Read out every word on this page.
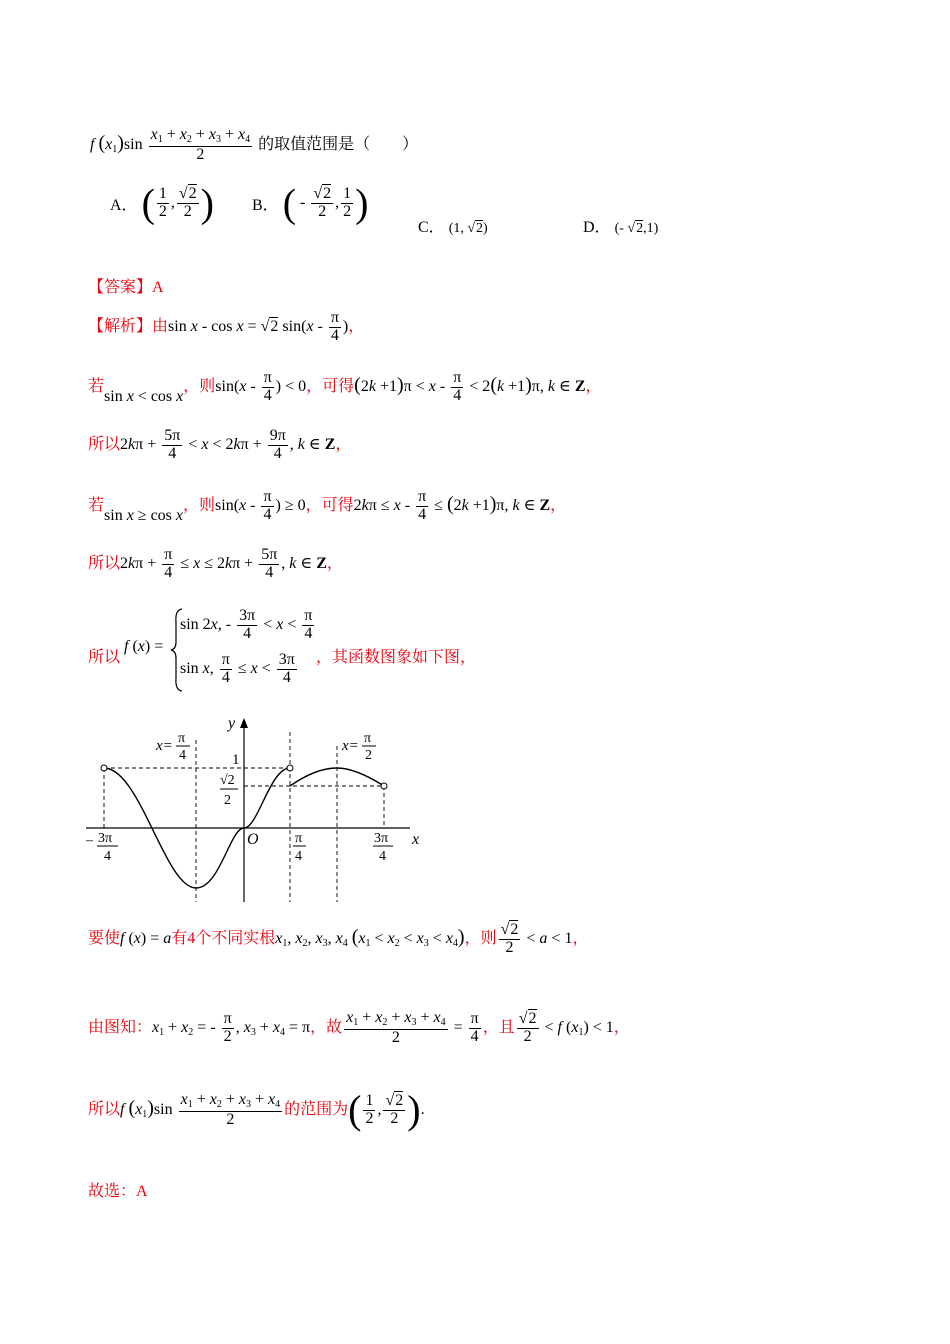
f $(x1)\sin \frac{x1 + x2 + x3 + x4}{2}$ 的取值范围是（　　）
A． ( $\frac{1}{2}$ , $\frac{√2}{2}$ ) B． ( - $\frac{√2}{2}$ , $\frac{1}{2}$ )
C． (1, √2)	D． (- √2,1)
【答案】A
【解析】由sin x - cos x = √2 $\sin(x - \frac{\pi}{4}$ )，
若sin x < cos x，则$\sin(x - \frac{\pi}{4}$ ) < 0，可得$(2k +1)\pi < x - \frac{\pi}{4} < 2(k +1)\pi$, k ∈ Z，
所以$2k\pi + \frac{5\pi}{4} < x < 2k\pi + \frac{9\pi}{4}$ , k ∈ Z，
若sin x ≥ cos x，则$\sin(x - \frac{\pi}{4}$ ) ≥ 0，可得$2k\pi \le x - \frac{\pi}{4} \le (2k +1)\pi$, k ∈ Z，
所以$2k\pi + \frac{\pi}{4} \le x \le 2k\pi + \frac{5\pi}{4}$ , k ∈ Z，
所以
f (x) =
sin 2x, - $\frac{3\pi}{4} < x < \frac{\pi}{4}$
sin x, $\frac{\pi}{4} \le x < \frac{3\pi}{4}$ ，其函数图象如下图，
y
x
O
1
√2
2
– 3π
4
π
4
3π
4
x= π
4
x= π
2
要使f (x) = a有4个不同实根x1, x2, x3, x4 (x1 < x2 < x3 < x4)，则 $\frac{√2}{2} < a < 1$，
由图知：x1 + x2 = - $\frac{\pi}{2}$ , x3 + x4 = π，故 $\frac{x1 + x2 + x3 + x4}{2} = \frac{\pi}{4}$ ，且 $\frac{√2}{2} < f$ (x1) < 1，
所以f $(x1)\sin \frac{x1 + x2 + x3 + x4}{2}$ 的范围为( $\frac{1}{2}$ , $\frac{√2}{2}$ ).
故选：A
